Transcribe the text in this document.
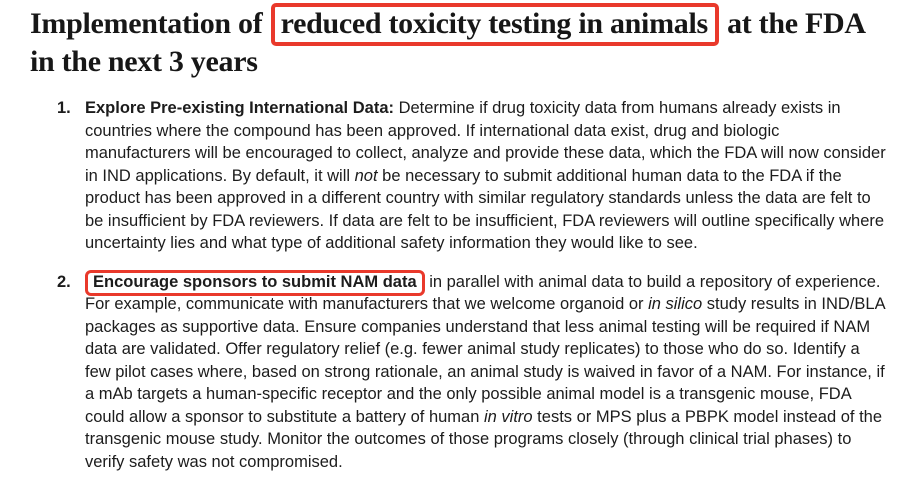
Implementation of reduced toxicity testing in animals at the FDA
in the next 3 years
1. Explore Pre-existing International Data: Determine if drug toxicity data from humans already exists in countries where the compound has been approved. If international data exist, drug and biologic manufacturers will be encouraged to collect, analyze and provide these data, which the FDA will now consider in IND applications. By default, it will not be necessary to submit additional human data to the FDA if the product has been approved in a different country with similar regulatory standards unless the data are felt to be insufficient by FDA reviewers. If data are felt to be insufficient, FDA reviewers will outline specifically where uncertainty lies and what type of additional safety information they would like to see.
2.	Encourage sponsors to submit NAM data in parallel with animal data to build a repository of experience. For example, communicate with manufacturers that we welcome organoid or in silico study results in IND/BLA packages as supportive data. Ensure companies understand that less animal testing will be required if NAM data are validated. Offer regulatory relief (e.g. fewer animal study replicates) to those who do so. Identify a few pilot cases where, based on strong rationale, an animal study is waived in favor of a NAM. For instance, if a mAb targets a human-specific receptor and the only possible animal model is a transgenic mouse, FDA could allow a sponsor to substitute a battery of human in vitro tests or MPS plus a PBPK model instead of the transgenic mouse study. Monitor the outcomes of those programs closely (through clinical trial phases) to verify safety was not compromised.
